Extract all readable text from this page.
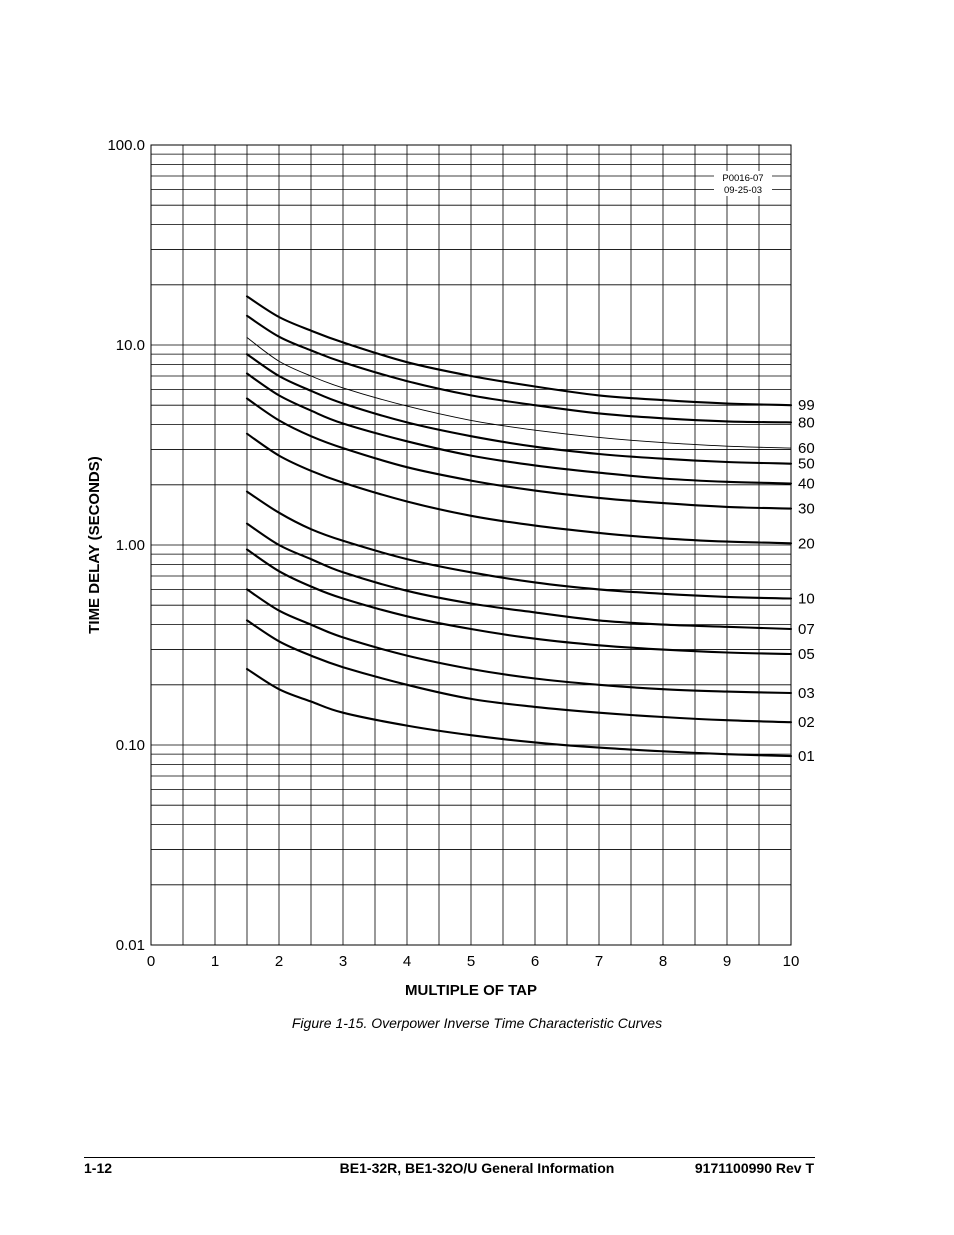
99
80
60
50
40
30
20
10
07
05
03
02
01
0	1	2	3	4	5	6	7	8	9	10
100.0
10.0
1.00
0.10
0.01
P0016-07
09-25-03
MULTIPLE OF TAP
TIME DELAY (SECONDS)
Figure 1-15. Overpower Inverse Time Characteristic Curves
1-12	BE1-32R, BE1-32O/U General Information	9171100990 Rev T
